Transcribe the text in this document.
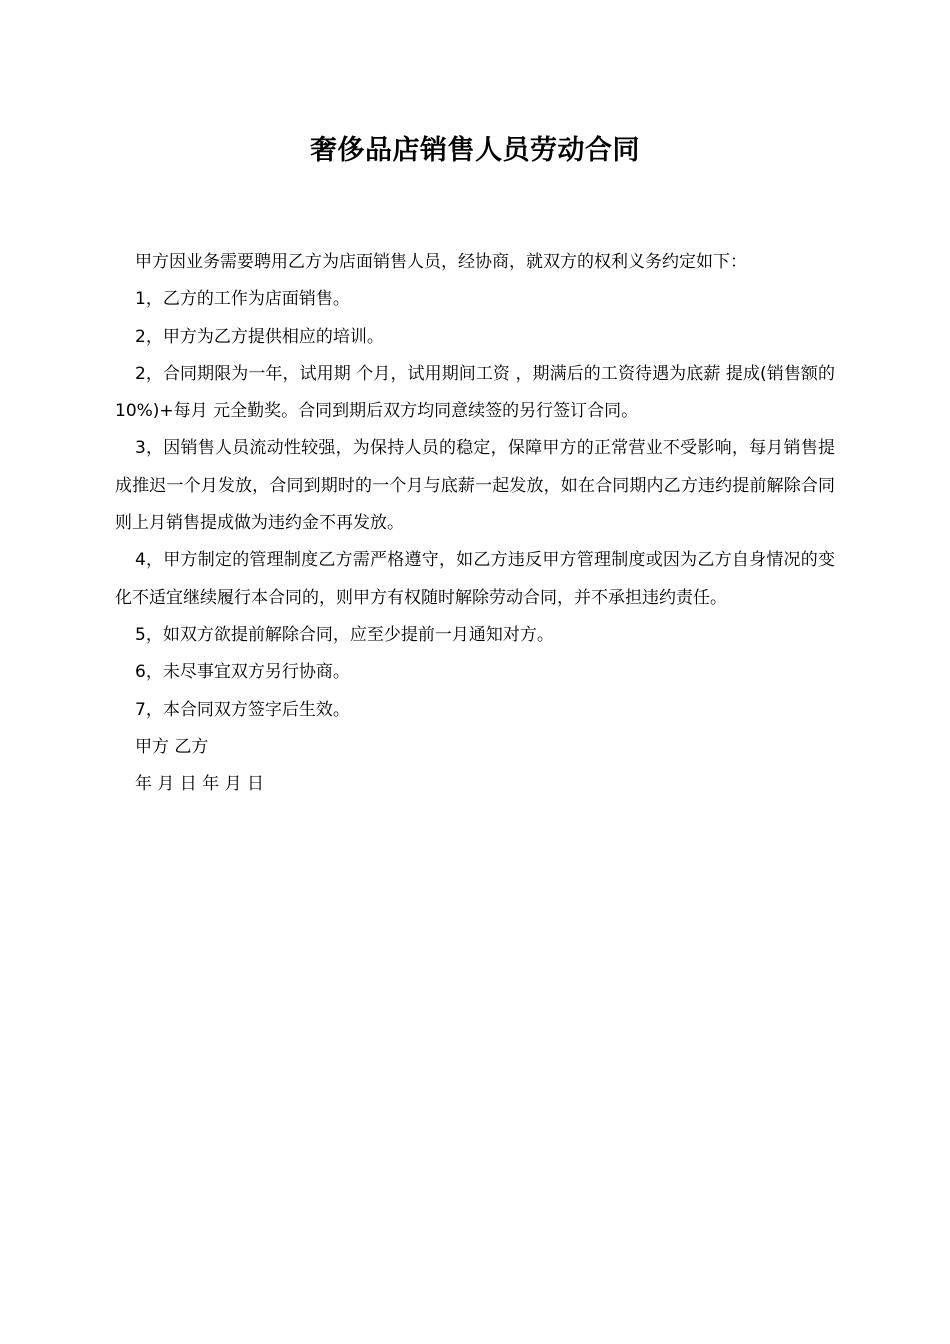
奢侈品店销售人员劳动合同

甲方因业务需要聘用乙方为店面销售人员，经协商，就双方的权利义务约定如下：

1，乙方的工作为店面销售。

2，甲方为乙方提供相应的培训。

2，合同期限为一年，试用期 个月，试用期间工资 ，期满后的工资待遇为底薪 提成(销售额的 10%)+每月 元全勤奖。合同到期后双方均同意续签的另行签订合同。

3，因销售人员流动性较强，为保持人员的稳定，保障甲方的正常营业不受影响，每月销售提成推迟一个月发放，合同到期时的一个月与底薪一起发放，如在合同期内乙方违约提前解除合同则上月销售提成做为违约金不再发放。

4，甲方制定的管理制度乙方需严格遵守，如乙方违反甲方管理制度或因为乙方自身情况的变化不适宜继续履行本合同的，则甲方有权随时解除劳动合同，并不承担违约责任。

5，如双方欲提前解除合同，应至少提前一月通知对方。

6，未尽事宜双方另行协商。

7，本合同双方签字后生效。

甲方 乙方

年 月 日 年 月 日
